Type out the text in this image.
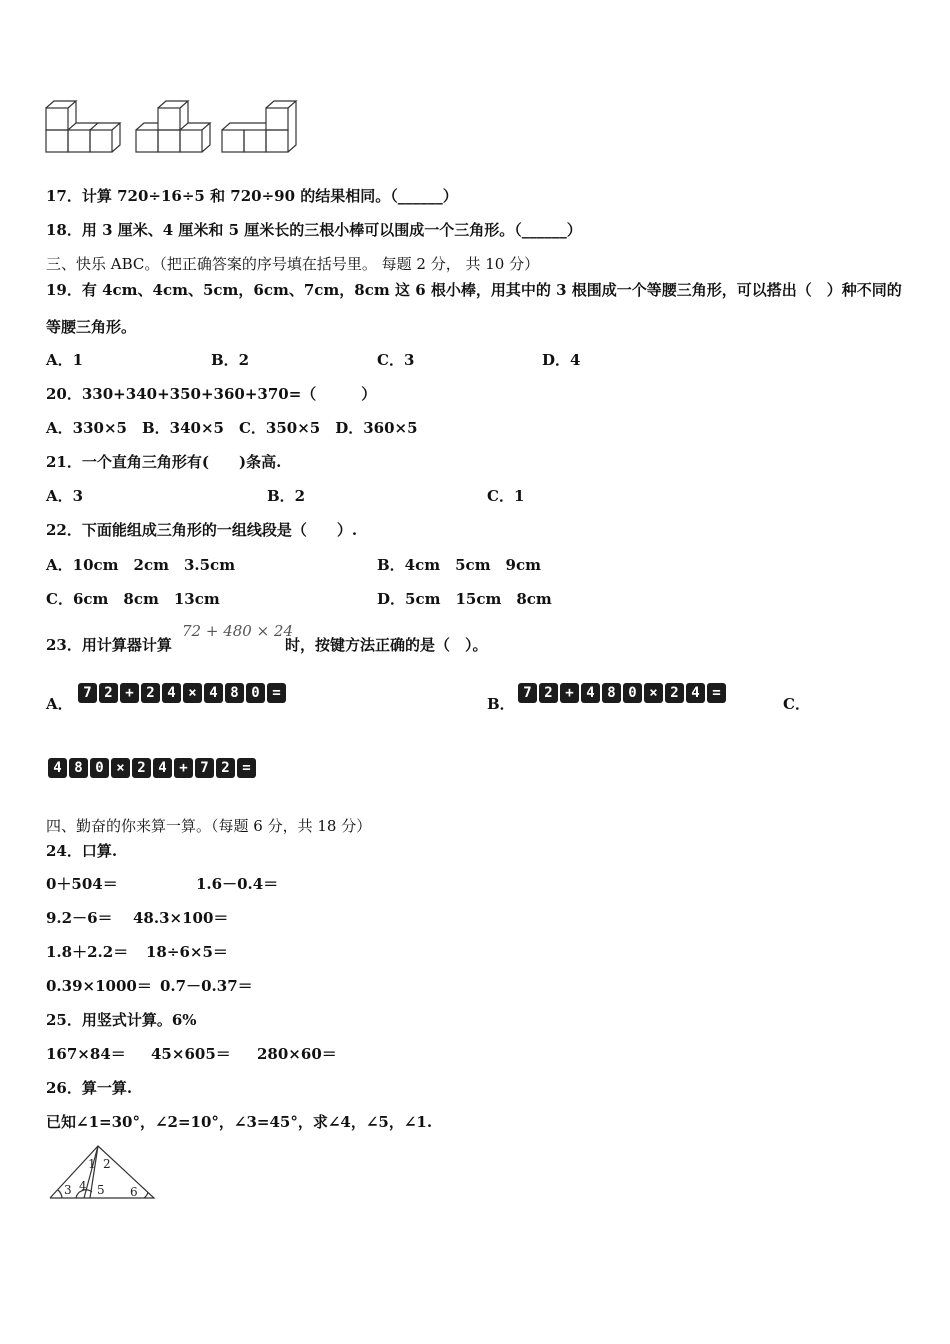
17．计算 720÷16÷5 和 720÷90 的结果相同。（______）
18．用 3 厘米、4 厘米和 5 厘米长的三根小棒可以围成一个三角形。（______）
三、快乐 ABC。（把正确答案的序号填在括号里。 每题 2 分， 共 10 分）
19．有 4cm、4cm、5cm，6cm、7cm，8cm 这 6 根小棒，用其中的 3 根围成一个等腰三角形，可以搭出（　）种不同的
等腰三角形。
A．1	B．2	C．3	D．4
20．330+340+350+360+370=（　　　）
A．330×5　B．340×5　C．350×5　D．360×5
21．一个直角三角形有(　　)条高.
A．3	B．2	C．1
22．下面能组成三角形的一组线段是（　　）.
A．10cm　2cm　3.5cm	B．4cm　5cm　9cm
C．6cm　8cm　13cm	D．5cm　15cm　8cm
23．用计算器计算
72 + 480 × 24
时，按键方法正确的是（　）。
A．
7 2 + 2 4 × 4 8 0 =
B．
7 2 + 4 8 0 × 2 4 =
C．
4 8 0 × 2 4 + 7 2 =
四、勤奋的你来算一算。（每题 6 分，共 18 分）
24．口算.
0＋504＝	1.6－0.4＝
9.2－6＝ 48.3×100＝
1.8＋2.2＝ 18÷6×5＝
0.39×1000＝ 0.7－0.37＝
25．用竖式计算。6%
167×84＝ 45×605＝ 280×60＝
26．算一算.
已知∠1=30°，∠2=10°，∠3=45°，求∠4，∠5，∠1.
1 2
3 4 5 6
